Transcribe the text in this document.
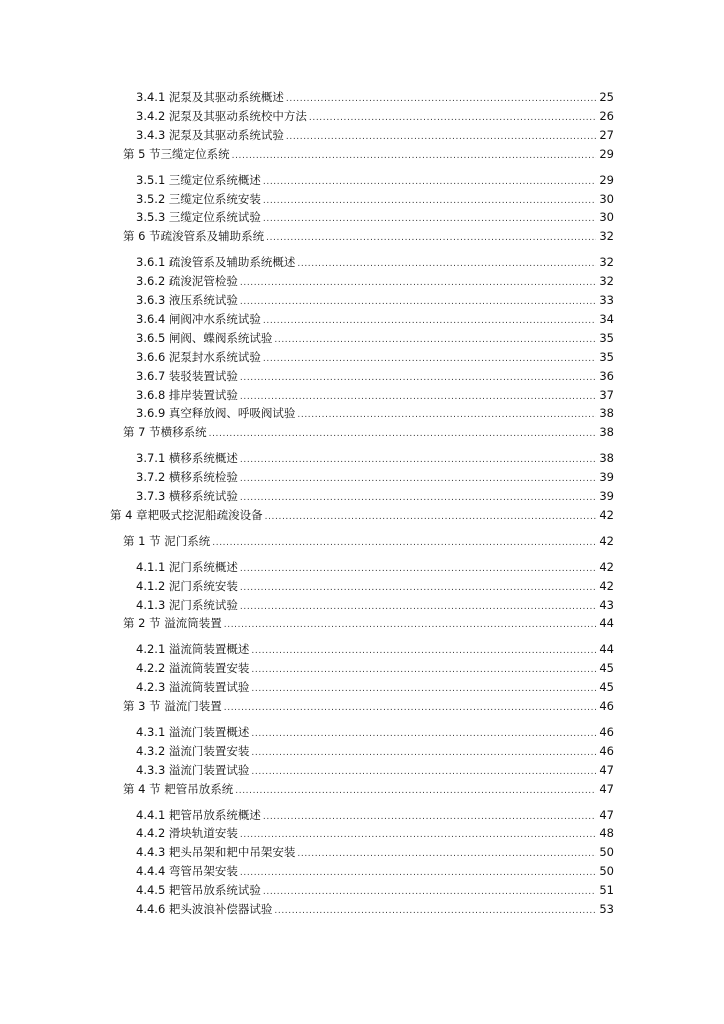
3.4.1 泥泵及其驱动系统概述 .....	25
3.4.2 泥泵及其驱动系统校中方法 .....	26
3.4.3 泥泵及其驱动系统试验 .....	27
第 5 节三缆定位系统 .....	29
3.5.1 三缆定位系统概述 .....	29
3.5.2 三缆定位系统安装 .....	30
3.5.3 三缆定位系统试验 .....	30
第 6 节疏浚管系及辅助系统 .....	32
3.6.1 疏浚管系及辅助系统概述 .....	32
3.6.2 疏浚泥管检验 .....	32
3.6.3 液压系统试验 .....	33
3.6.4 闸阀冲水系统试验 .....	34
3.6.5 闸阀、蝶阀系统试验 .....	35
3.6.6 泥泵封水系统试验 .....	35
3.6.7 装驳装置试验 .....	36
3.6.8 排岸装置试验 .....	37
3.6.9 真空释放阀、呼吸阀试验 .....	38
第 7 节横移系统 .....	38
3.7.1 横移系统概述 .....	38
3.7.2 横移系统检验 .....	39
3.7.3 横移系统试验 .....	39
第 4 章耙吸式挖泥船疏浚设备 .....	42
第 1 节 泥门系统 .....	42
4.1.1 泥门系统概述 .....	42
4.1.2 泥门系统安装 .....	42
4.1.3 泥门系统试验 .....	43
第 2 节 溢流筒装置 .....	44
4.2.1 溢流筒装置概述 .....	44
4.2.2 溢流筒装置安装 .....	45
4.2.3 溢流筒装置试验 .....	45
第 3 节 溢流门装置 .....	46
4.3.1 溢流门装置概述 .....	46
4.3.2 溢流门装置安装 .....	46
4.3.3 溢流门装置试验 .....	47
第 4 节 耙管吊放系统 .....	47
4.4.1 耙管吊放系统概述 .....	47
4.4.2 滑块轨道安装 .....	48
4.4.3 耙头吊架和耙中吊架安装 .....	50
4.4.4 弯管吊架安装 .....	50
4.4.5 耙管吊放系统试验 .....	51
4.4.6 耙头波浪补偿器试验 .....	53
